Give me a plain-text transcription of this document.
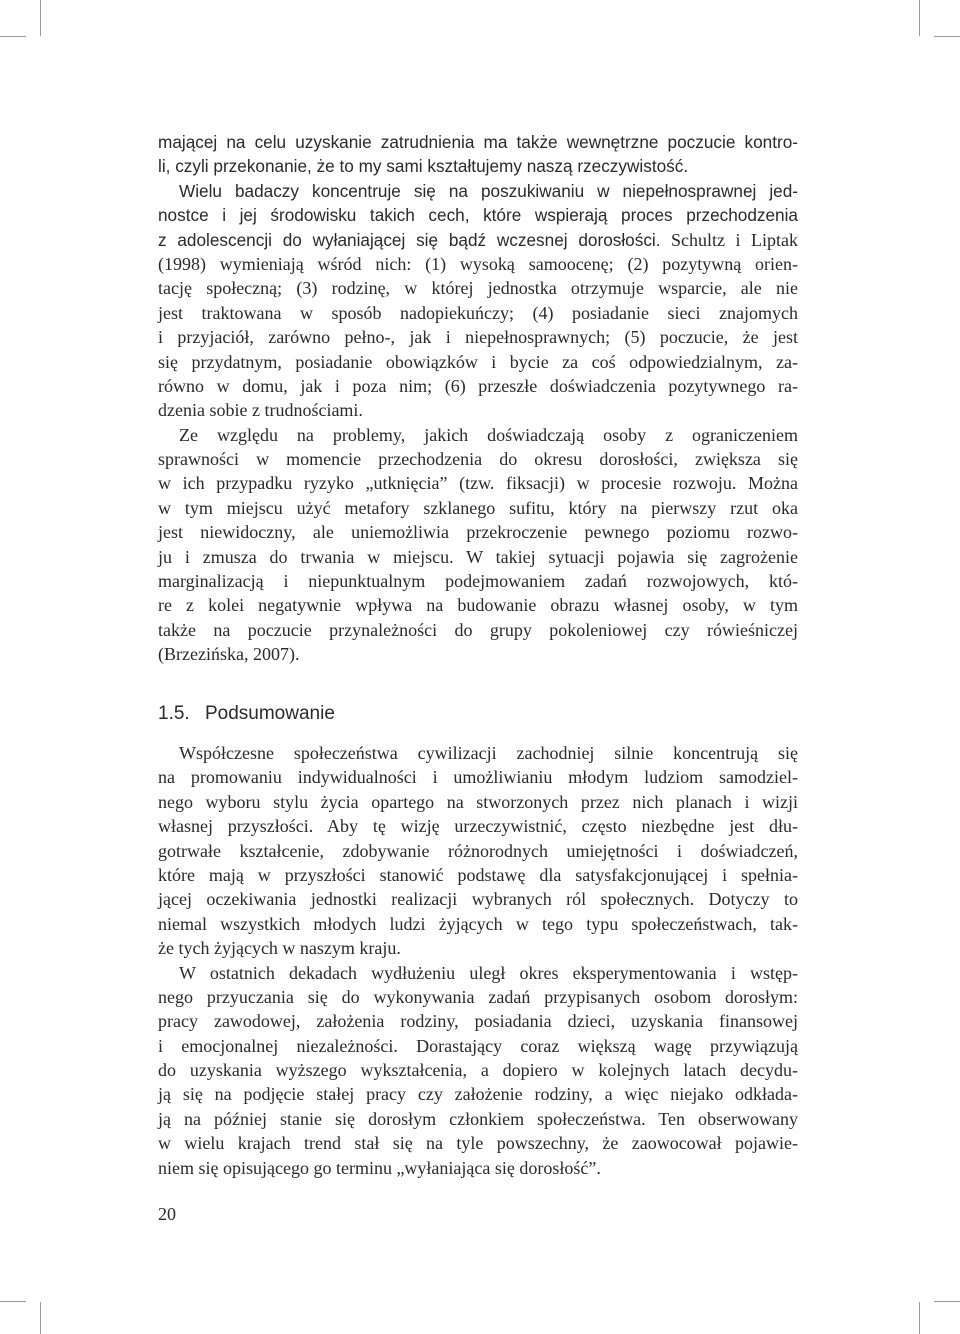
mającej na celu uzyskanie zatrudnienia ma także wewnętrzne poczucie kontro-
li, czyli przekonanie, że to my sami kształtujemy naszą rzeczywistość.
Wielu badaczy koncentruje się na poszukiwaniu w niepełnosprawnej jed-
nostce i jej środowisku takich cech, które wspierają proces przechodzenia
z adolescencji do wyłaniającej się bądź wczesnej dorosłości. Schultz i Liptak
(1998) wymieniają wśród nich: (1) wysoką samoocenę; (2) pozytywną orien-
tację społeczną; (3) rodzinę, w której jednostka otrzymuje wsparcie, ale nie
jest traktowana w sposób nadopiekuńczy; (4) posiadanie sieci znajomych
i przyjaciół, zarówno pełno-, jak i niepełnosprawnych; (5) poczucie, że jest
się przydatnym, posiadanie obowiązków i bycie za coś odpowiedzialnym, za-
równo w domu, jak i poza nim; (6) przeszłe doświadczenia pozytywnego ra-
dzenia sobie z trudnościami.
Ze względu na problemy, jakich doświadczają osoby z ograniczeniem
sprawności w momencie przechodzenia do okresu dorosłości, zwiększa się
w ich przypadku ryzyko „utknięcia” (tzw. fiksacji) w procesie rozwoju. Można
w tym miejscu użyć metafory szklanego sufitu, który na pierwszy rzut oka
jest niewidoczny, ale uniemożliwia przekroczenie pewnego poziomu rozwo-
ju i zmusza do trwania w miejscu. W takiej sytuacji pojawia się zagrożenie
marginalizacją i niepunktualnym podejmowaniem zadań rozwojowych, któ-
re z kolei negatywnie wpływa na budowanie obrazu własnej osoby, w tym
także na poczucie przynależności do grupy pokoleniowej czy rówieśniczej
(Brzezińska, 2007).
1.5. Podsumowanie
Współczesne społeczeństwa cywilizacji zachodniej silnie koncentrują się
na promowaniu indywidualności i umożliwianiu młodym ludziom samodziel-
nego wyboru stylu życia opartego na stworzonych przez nich planach i wizji
własnej przyszłości. Aby tę wizję urzeczywistnić, często niezbędne jest dłu-
gotrwałe kształcenie, zdobywanie różnorodnych umiejętności i doświadczeń,
które mają w przyszłości stanowić podstawę dla satysfakcjonującej i spełnia-
jącej oczekiwania jednostki realizacji wybranych ról społecznych. Dotyczy to
niemal wszystkich młodych ludzi żyjących w tego typu społeczeństwach, tak-
że tych żyjących w naszym kraju.
W ostatnich dekadach wydłużeniu uległ okres eksperymentowania i wstęp-
nego przyuczania się do wykonywania zadań przypisanych osobom dorosłym:
pracy zawodowej, założenia rodziny, posiadania dzieci, uzyskania finansowej
i emocjonalnej niezależności. Dorastający coraz większą wagę przywiązują
do uzyskania wyższego wykształcenia, a dopiero w kolejnych latach decydu-
ją się na podjęcie stałej pracy czy założenie rodziny, a więc niejako odkłada-
ją na później stanie się dorosłym członkiem społeczeństwa. Ten obserwowany
w wielu krajach trend stał się na tyle powszechny, że zaowocował pojawie-
niem się opisującego go terminu „wyłaniająca się dorosłość”.
20
